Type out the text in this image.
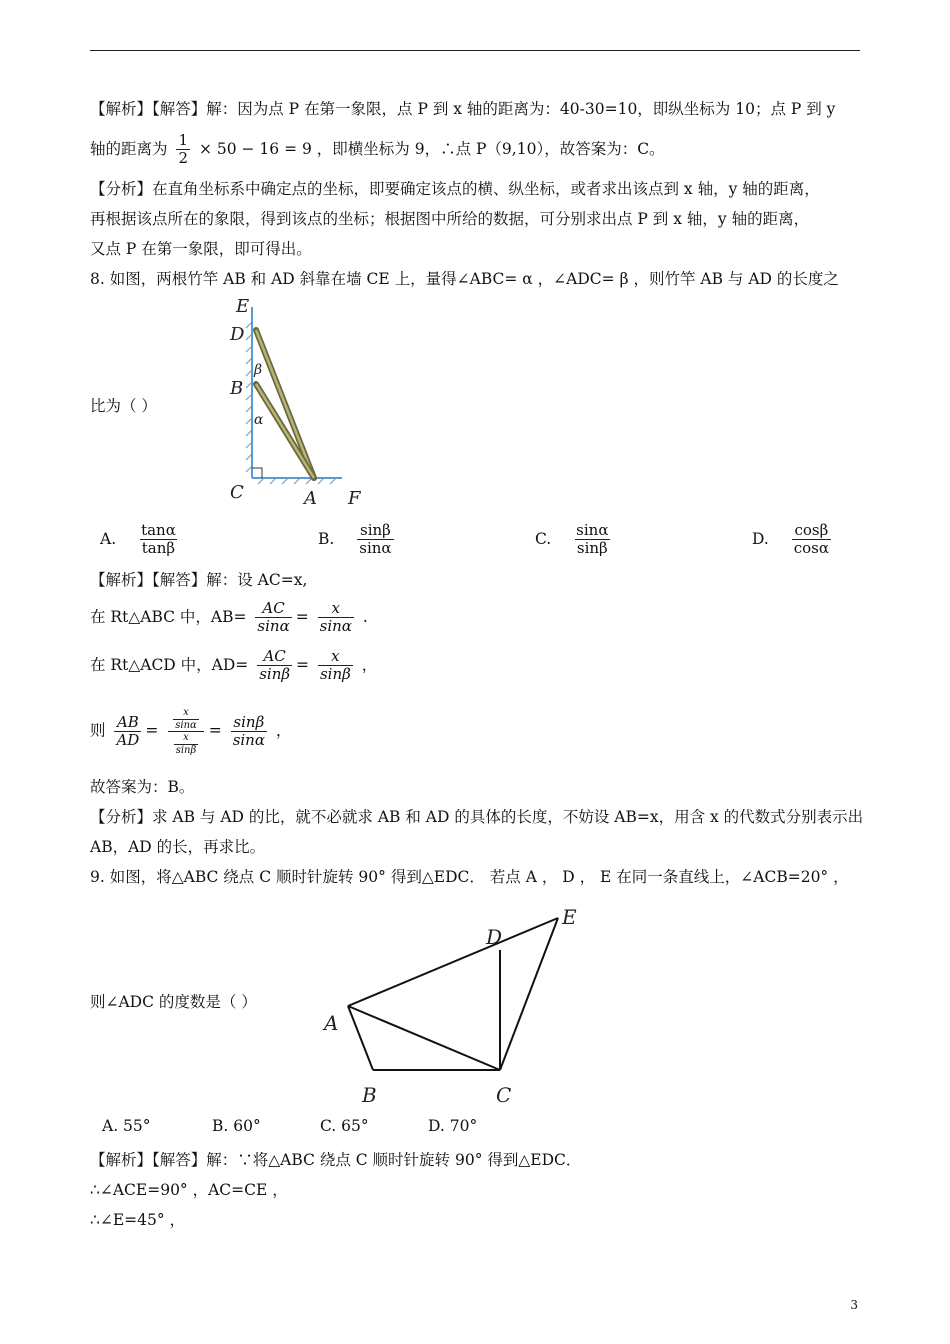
【解析】【解答】解：因为点 P 在第一象限，点 P 到 x 轴的距离为：40-30=10，即纵坐标为 10；点 P 到 y
轴的距离为 $\frac{1}{2} \times 50 - 16 = 9$ ，即横坐标为 9，∴点 P（9,10），故答案为：C。
【分析】在直角坐标系中确定点的坐标，即要确定该点的横、纵坐标，或者求出该点到 x 轴，y 轴的距离，
再根据该点所在的象限，得到该点的坐标；根据图中所给的数据，可分别求出点 P 到 x 轴，y 轴的距离，
又点 P 在第一象限，即可得出。
8. 如图，两根竹竿 AB 和 AD 斜靠在墙 CE 上，量得∠ABC= α ，∠ADC= β ，则竹竿 AB 与 AD 的长度之
比为（ ）
E
D
β
B
α
C	A F
A. $\frac{\tan\alpha}{\tan\beta}$	B. $\frac{\sin\beta}{\sin\alpha}$	C. $\frac{\sin\alpha}{\sin\beta}$	D. $\frac{\cos\beta}{\cos\alpha}$
【解析】【解答】解：设 AC=x,
在 Rt△ABC 中，$AB= \frac{AC}{\sin\alpha} = \frac{x}{\sin\alpha}$ .
在 Rt△ACD 中，$AD= \frac{AC}{\sin\beta} = \frac{x}{\sin\beta}$ ，
则 $\frac{AB}{AD} = \frac{\frac{x}{\sin\alpha}}{\frac{x}{\sin\beta}} = \frac{\sin\beta}{\sin\alpha}$ ，
故答案为：B。
【分析】求 AB 与 AD 的比，就不必就求 AB 和 AD 的具体的长度，不妨设 AB=x，用含 x 的代数式分别表示出
AB，AD 的长，再求比。
9. 如图，将△ABC 绕点 C 顺时针旋转 90° 得到△EDC． 若点 A ， D ， E 在同一条直线上，∠ACB=20° ，
则∠ADC 的度数是（ ）
E
D
A
B	C
A. 55°	B. 60°	C. 65°	D. 70°
【解析】【解答】解：∵将△ABC 绕点 C 顺时针旋转 90° 得到△EDC．
∴∠ACE=90° ，AC=CE ，
∴∠E=45° ，
3
